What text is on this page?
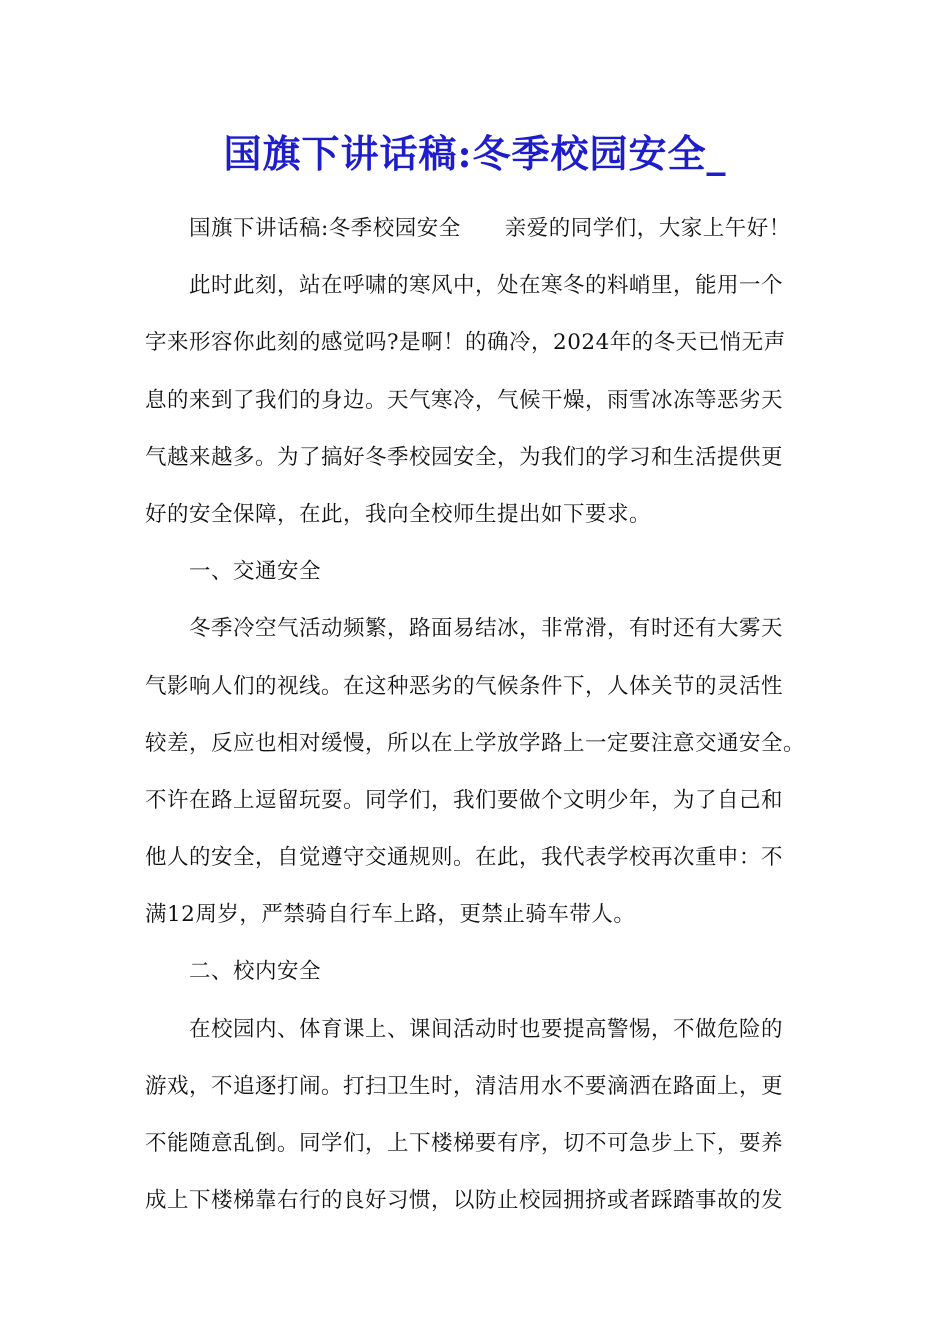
国旗下讲话稿:冬季校园安全_
国旗下讲话稿:冬季校园安全 亲爱的同学们，大家上午好！
此时此刻，站在呼啸的寒风中，处在寒冬的料峭里，能用一个
字来形容你此刻的感觉吗?是啊！的确冷，2024年的冬天已悄无声
息的来到了我们的身边。天气寒冷，气候干燥，雨雪冰冻等恶劣天
气越来越多。为了搞好冬季校园安全，为我们的学习和生活提供更
好的安全保障，在此，我向全校师生提出如下要求。
一、交通安全
冬季冷空气活动频繁，路面易结冰，非常滑，有时还有大雾天
气影响人们的视线。在这种恶劣的气候条件下，人体关节的灵活性
较差，反应也相对缓慢，所以在上学放学路上一定要注意交通安全。
不许在路上逗留玩耍。同学们，我们要做个文明少年，为了自己和
他人的安全，自觉遵守交通规则。在此，我代表学校再次重申：不
满12周岁，严禁骑自行车上路，更禁止骑车带人。
二、校内安全
在校园内、体育课上、课间活动时也要提高警惕，不做危险的
游戏，不追逐打闹。打扫卫生时，清洁用水不要滴洒在路面上，更
不能随意乱倒。同学们，上下楼梯要有序，切不可急步上下，要养
成上下楼梯靠右行的良好习惯，以防止校园拥挤或者踩踏事故的发
